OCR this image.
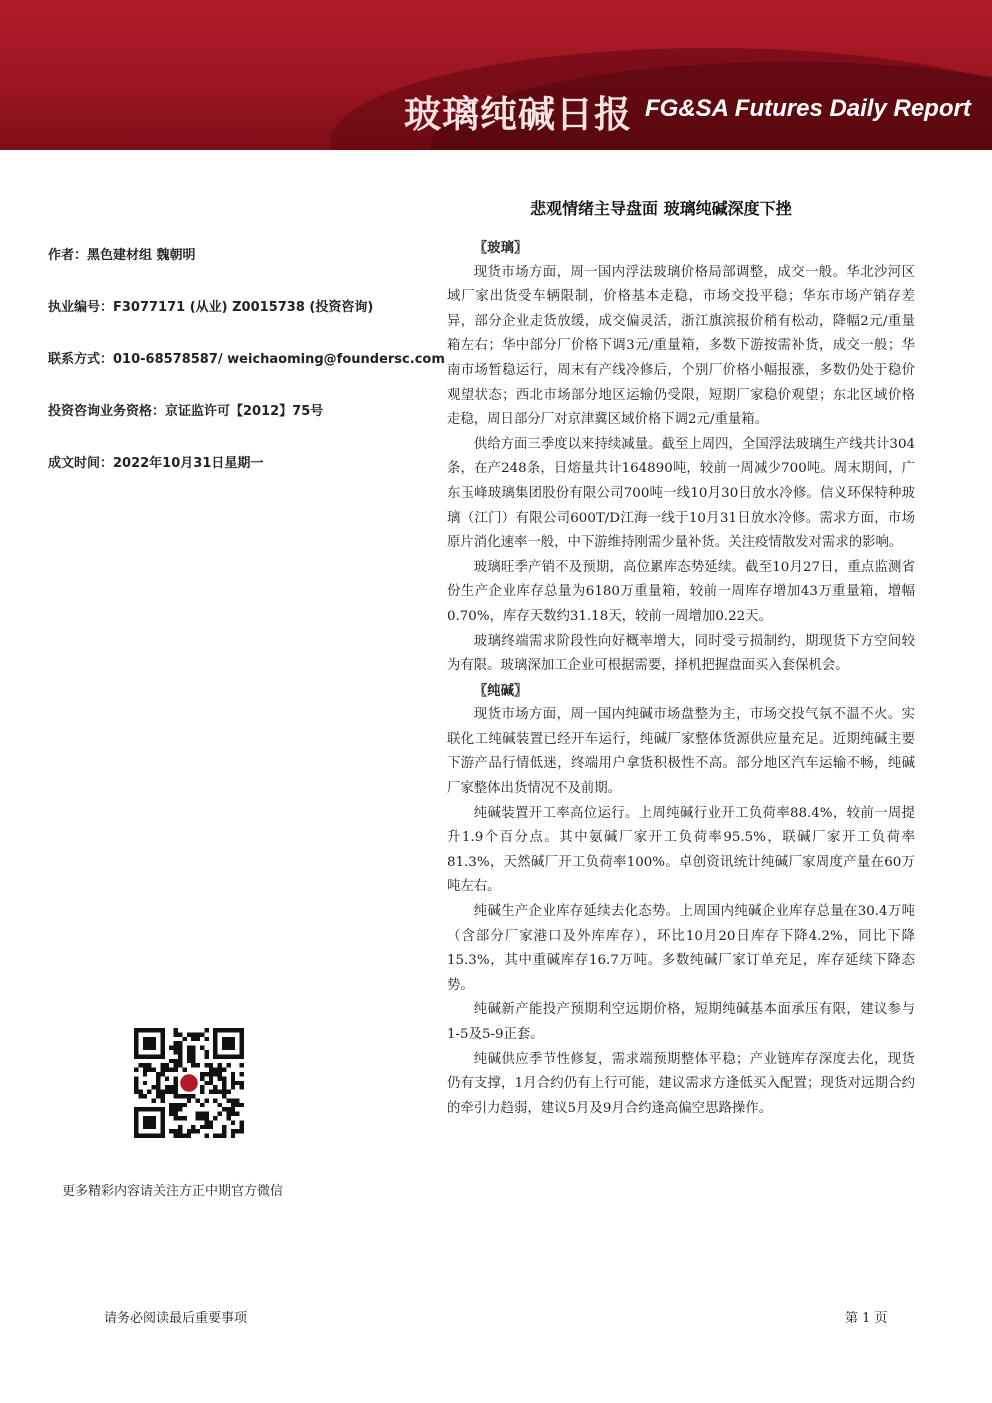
玻璃纯碱日报 FG&SA Futures Daily Report
悲观情绪主导盘面 玻璃纯碱深度下挫
作者：黑色建材组 魏朝明
执业编号：F3077171 (从业) Z0015738 (投资咨询)
联系方式：010-68578587/ weichaoming@foundersc.com
投资咨询业务资格：京证监许可【2012】75号
成文时间：2022年10月31日星期一
〖玻璃〗

现货市场方面，周一国内浮法玻璃价格局部调整，成交一般。华北沙河区域厂家出货受车辆限制，价格基本走稳，市场交投平稳；华东市场产销存差异，部分企业走货放缓，成交偏灵活，浙江旗滨报价稍有松动，降幅2元/重量箱左右；华中部分厂价格下调3元/重量箱，多数下游按需补货，成交一般；华南市场暂稳运行，周末有产线冷修后，个别厂价格小幅报涨，多数仍处于稳价观望状态；西北市场部分地区运输仍受限，短期厂家稳价观望；东北区域价格走稳，周日部分厂对京津冀区域价格下调2元/重量箱。

供给方面三季度以来持续减量。截至上周四，全国浮法玻璃生产线共计304条，在产248条，日熔量共计164890吨，较前一周减少700吨。周末期间，广东玉峰玻璃集团股份有限公司700吨一线10月30日放水冷修。信义环保特种玻璃（江门）有限公司600T/D江海一线于10月31日放水冷修。需求方面，市场原片消化速率一般，中下游维持刚需少量补货。关注疫情散发对需求的影响。

玻璃旺季产销不及预期，高位累库态势延续。截至10月27日，重点监测省份生产企业库存总量为6180万重量箱，较前一周库存增加43万重量箱，增幅0.70%，库存天数约31.18天，较前一周增加0.22天。

玻璃终端需求阶段性向好概率增大，同时受亏损制约，期现货下方空间较为有限。玻璃深加工企业可根据需要，择机把握盘面买入套保机会。

〖纯碱〗

现货市场方面，周一国内纯碱市场盘整为主，市场交投气氛不温不火。实联化工纯碱装置已经开车运行，纯碱厂家整体货源供应量充足。近期纯碱主要下游产品行情低迷，终端用户拿货积极性不高。部分地区汽车运输不畅，纯碱厂家整体出货情况不及前期。

纯碱装置开工率高位运行。上周纯碱行业开工负荷率88.4%，较前一周提升1.9个百分点。其中氨碱厂家开工负荷率95.5%，联碱厂家开工负荷率81.3%，天然碱厂开工负荷率100%。卓创资讯统计纯碱厂家周度产量在60万吨左右。

纯碱生产企业库存延续去化态势。上周国内纯碱企业库存总量在30.4万吨（含部分厂家港口及外库库存），环比10月20日库存下降4.2%，同比下降15.3%，其中重碱库存16.7万吨。多数纯碱厂家订单充足，库存延续下降态势。

纯碱新产能投产预期利空远期价格，短期纯碱基本面承压有限，建议参与1-5及5-9正套。

纯碱供应季节性修复，需求端预期整体平稳；产业链库存深度去化，现货仍有支撑，1月合约仍有上行可能，建议需求方逢低买入配置；现货对远期合约的牵引力趋弱，建议5月及9月合约逢高偏空思路操作。

更多精彩内容请关注方正中期官方微信
请务必阅读最后重要事项	第 1 页
